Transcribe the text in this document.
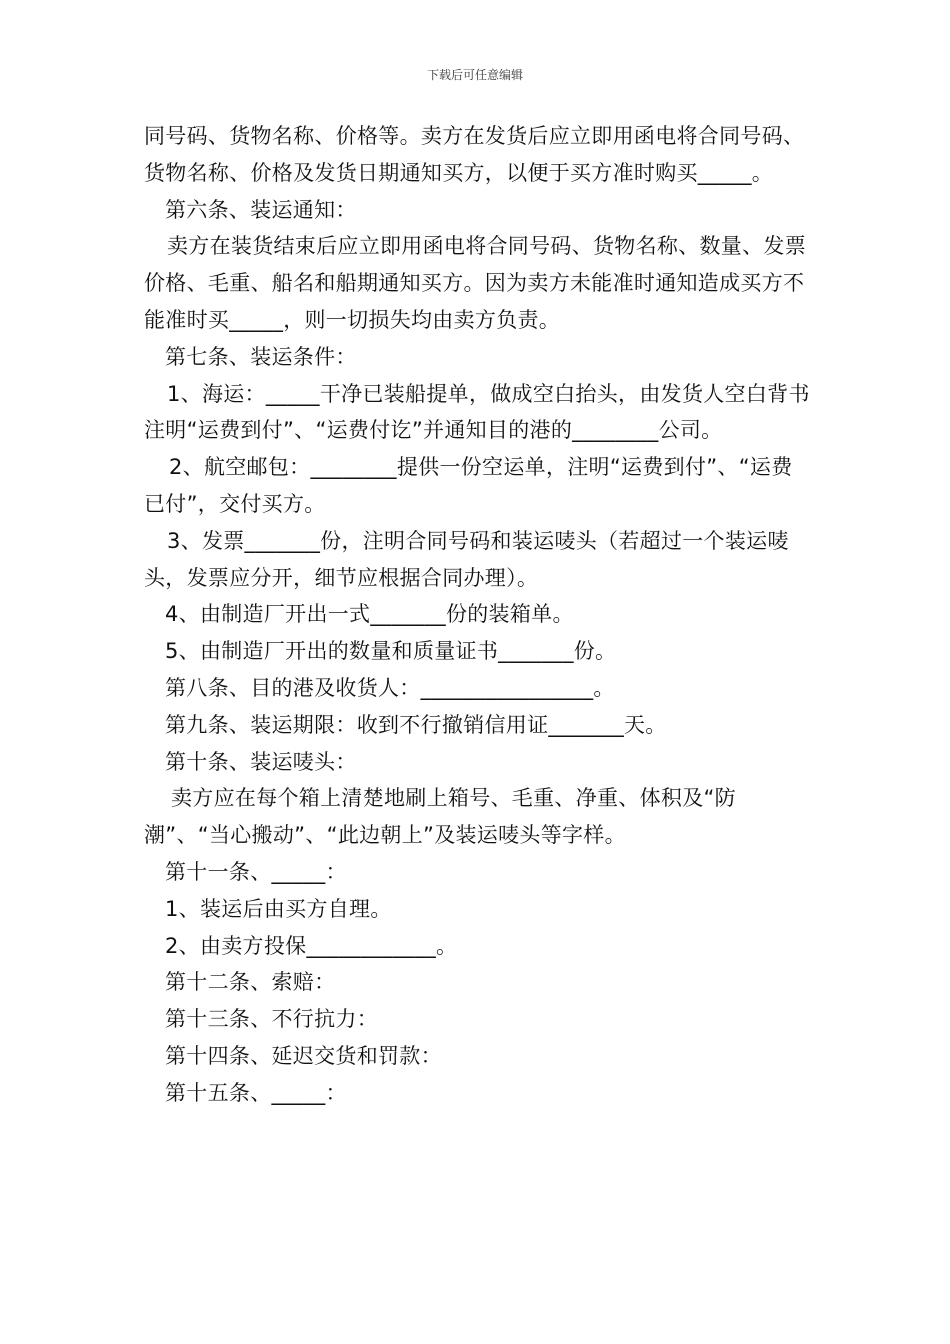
下载后可任意编辑

同号码、货物名称、价格等。卖方在发货后应立即用函电将合同号码、货物名称、价格及发货日期通知买方，以便于买方准时购买_____。

第六条、装运通知：

卖方在装货结束后应立即用函电将合同号码、货物名称、数量、发票价格、毛重、船名和船期通知买方。因为卖方未能准时通知造成买方不能准时买_____，则一切损失均由卖方负责。

第七条、装运条件：

1、海运：_____干净已装船提单，做成空白抬头，由发货人空白背书注明“运费到付”、“运费付讫”并通知目的港的________公司。

2、航空邮包：________提供一份空运单，注明“运费到付”、“运费已付”，交付买方。

3、发票_______份，注明合同号码和装运唛头（若超过一个装运唛头，发票应分开，细节应根据合同办理）。

4、由制造厂开出一式_______份的装箱单。

5、由制造厂开出的数量和质量证书_______份。

第八条、目的港及收货人：________________。

第九条、装运期限：收到不行撤销信用证_______天。

第十条、装运唛头：

卖方应在每个箱上清楚地刷上箱号、毛重、净重、体积及“防潮”、“当心搬动”、“此边朝上”及装运唛头等字样。

第十一条、_____：

1、装运后由买方自理。

2、由卖方投保____________。

第十二条、索赔：

第十三条、不行抗力：

第十四条、延迟交货和罚款：

第十五条、_____：
